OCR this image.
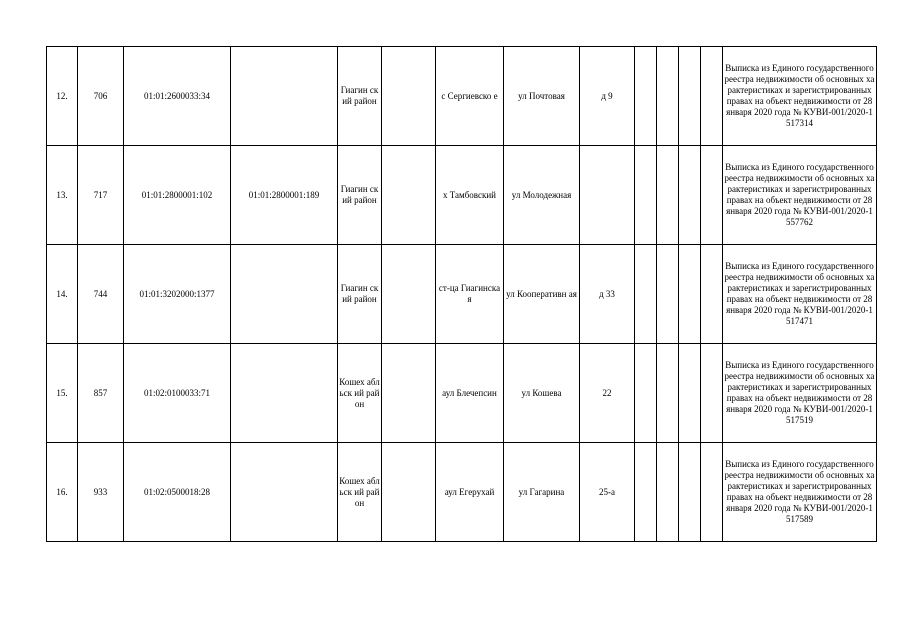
12.	706	01:01:2600033:34		Гиагин ский район		с Сергиевско е	ул Почтовая	д 9					Выписка из Единого государственного реестра недвижимости об основных характеристиках и зарегистрированных правах на объект недвижимости от 28 января 2020 года № КУВИ-001/2020-1517314
13.	717	01:01:2800001:102	01:01:2800001:189	Гиагин ский район		х Тамбовский	ул Молодежная						Выписка из Единого государственного реестра недвижимости об основных характеристиках и зарегистрированных правах на объект недвижимости от 28 января 2020 года № КУВИ-001/2020-1557762
14.	744	01:01:3202000:1377		Гиагин ский район		ст-ца Гиагинская	ул Кооперативн ая	д 33					Выписка из Единого государственного реестра недвижимости об основных характеристиках и зарегистрированных правах на объект недвижимости от 28 января 2020 года № КУВИ-001/2020-1517471
15.	857	01:02:0100033:71		Кошех абльск ий район		аул Блечепсин	ул Кошева	22					Выписка из Единого государственного реестра недвижимости об основных характеристиках и зарегистрированных правах на объект недвижимости от 28 января 2020 года № КУВИ-001/2020-1517519
16.	933	01:02:0500018:28		Кошех абльск ий район		аул Егерухай	ул Гагарина	25-а					Выписка из Единого государственного реестра недвижимости об основных характеристиках и зарегистрированных правах на объект недвижимости от 28 января 2020 года № КУВИ-001/2020-1517589
